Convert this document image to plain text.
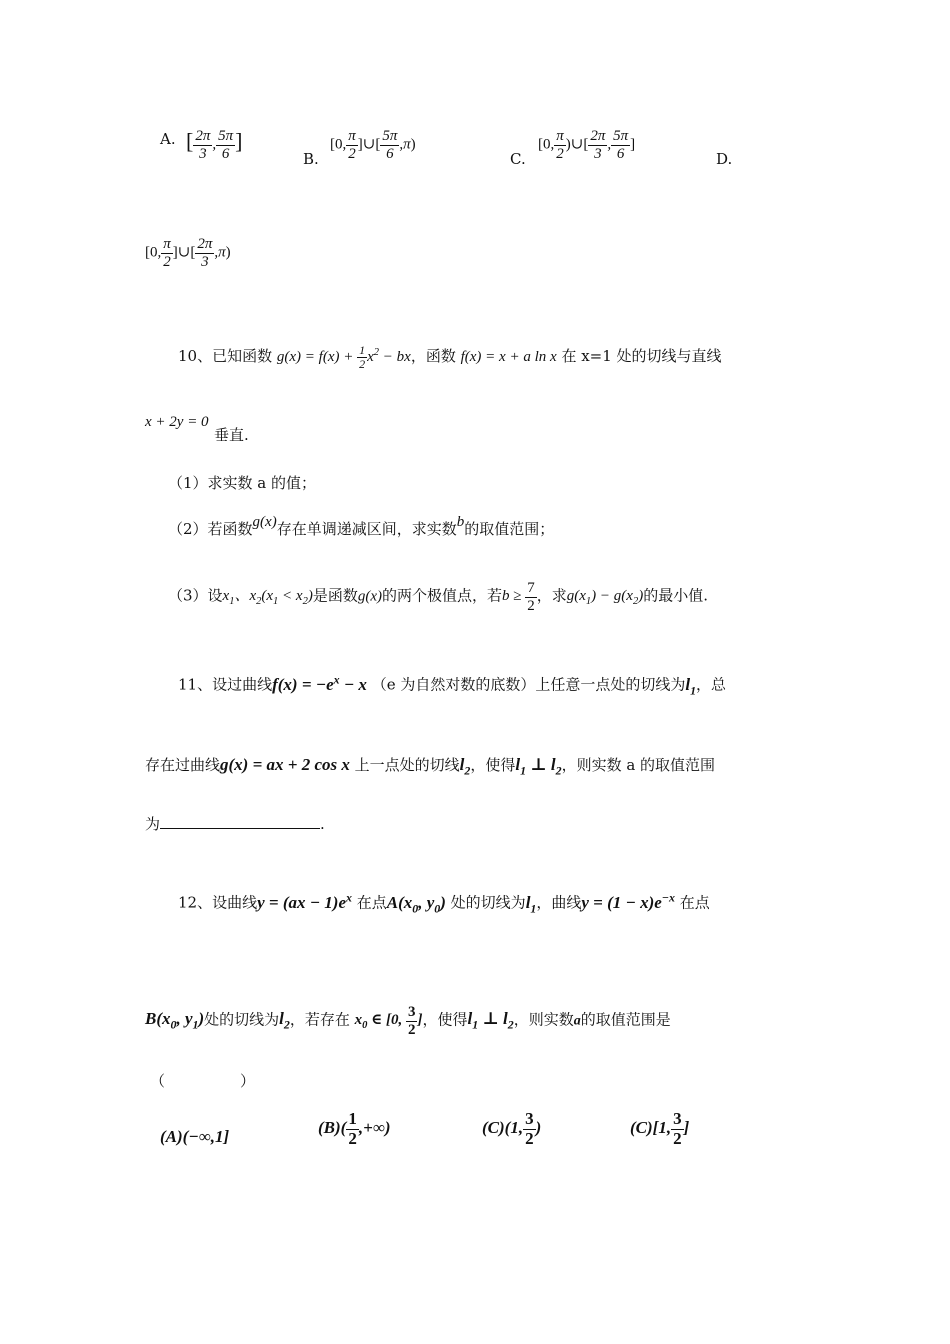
A. [ $\frac{2\pi}{3}$ , $\frac{5\pi}{6}$ ]
B.
[0, $\frac{\pi}{2}$ ]∪[ $\frac{5\pi}{6} ,\pi$)
C.
[0, $\frac{\pi}{2}$ )∪[ $\frac{2\pi}{3}$ , $\frac{5\pi}{6}$ ]
D.
[0, $\frac{\pi}{2}$ ]∪[ $\frac{2\pi}{3} ,\pi$)
10、已知函数 $g(x) = f(x) + \frac{1}{2} x^2$ − bx，函数 f(x) = x + a ln x 在 x=1 处的切线与直线
x + 2y = 0
垂直.
（1）求实数 a 的值；
（2）若函数g(x)存在单调递减区间，求实数b的取值范围；
（3）设$x_1$、$x_2(x_1 < x_2)$是函数g(x)的两个极值点，若$b \ge \frac{7}{2}$ ，求$g(x_1) - g(x_2)$的最小值.
11、设过曲线$f(x) = -e^x - x$ （e 为自然对数的底数）上任意一点处的切线为$l_1$，总
存在过曲线g(x) = ax + 2 cos x 上一点处的切线$l_2$，使得$l_1$ ⊥ $l_2$，则实数 a 的取值范围
为	.
12、设曲线$y = (ax - 1)e^x$ 在点$A(x_0$, $y_0$) 处的切线为$l_1$，曲线$y = (1 - x)e^{-x}$ 在点
$B(x_0$, $y_1$)处的切线为$l_2$，若存在 $x_0$ ∈ [0, $\frac{3}{2}$ ]，使得$l_1$ ⊥ $l_2$，则实数a的取值范围是
（　　　　　）
(A)(−∞,1]	$(B)( \frac{1}{2}$ ,+∞)	(C)(1, $\frac{3}{2}$ )	(C)[1, $\frac{3}{2}$ ]
